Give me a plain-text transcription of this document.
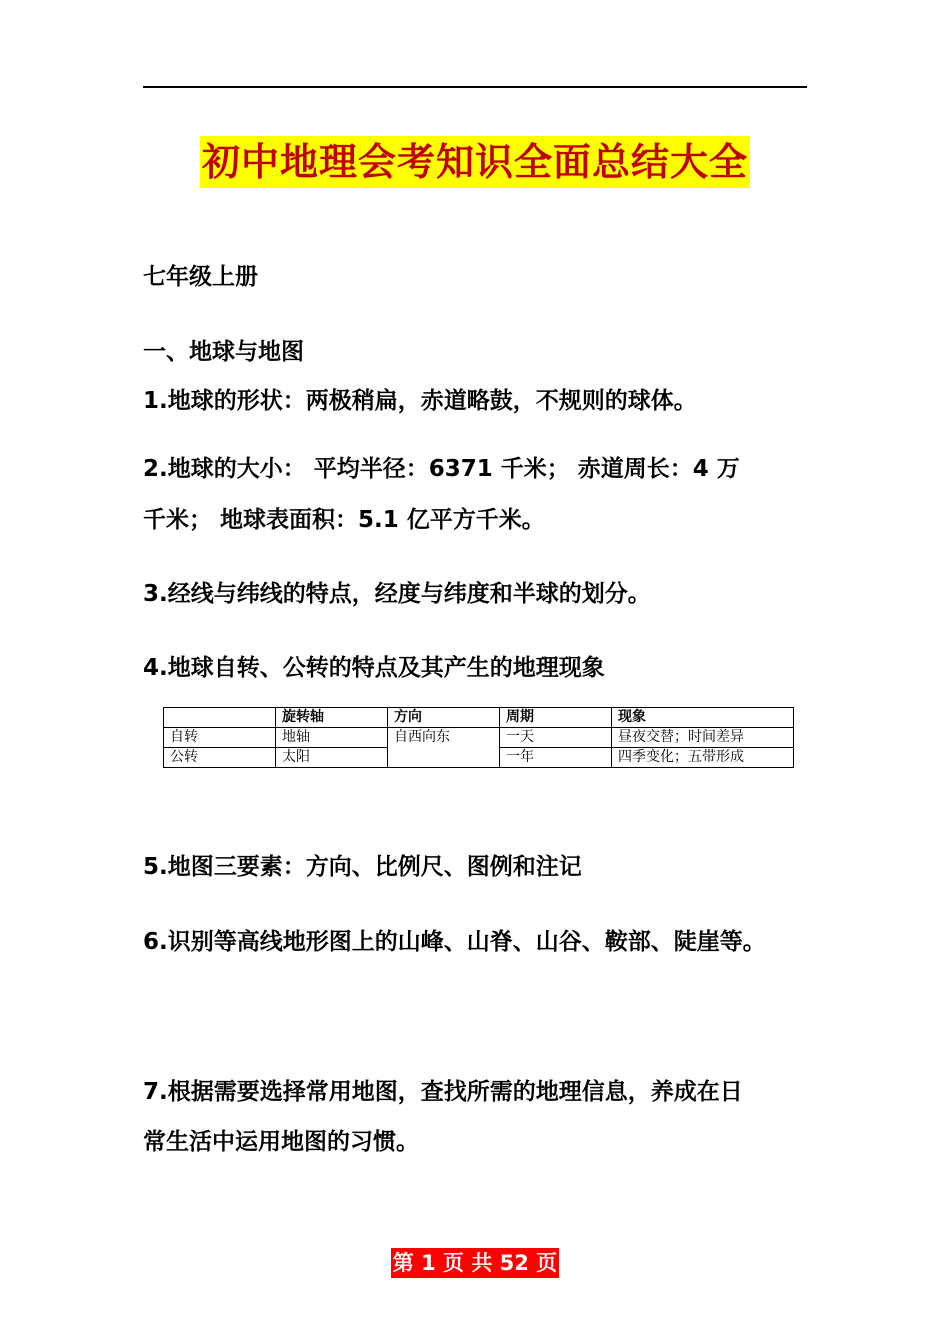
初中地理会考知识全面总结大全
七年级上册
一、地球与地图
1.地球的形状：两极稍扁，赤道略鼓，不规则的球体。
2.地球的大小： 平均半径：6371 千米； 赤道周长：4 万
千米； 地球表面积：5.1 亿平方千米。
3.经线与纬线的特点，经度与纬度和半球的划分。
4.地球自转、公转的特点及其产生的地理现象
	旋转轴	方向	周期	现象
自转	地轴	自西向东	一天	昼夜交替；时间差异
公转	太阳		一年	四季变化；五带形成
5.地图三要素：方向、比例尺、图例和注记
6.识别等高线地形图上的山峰、山脊、山谷、鞍部、陡崖等。
7.根据需要选择常用地图，查找所需的地理信息，养成在日
常生活中运用地图的习惯。
第 1 页 共 52 页
